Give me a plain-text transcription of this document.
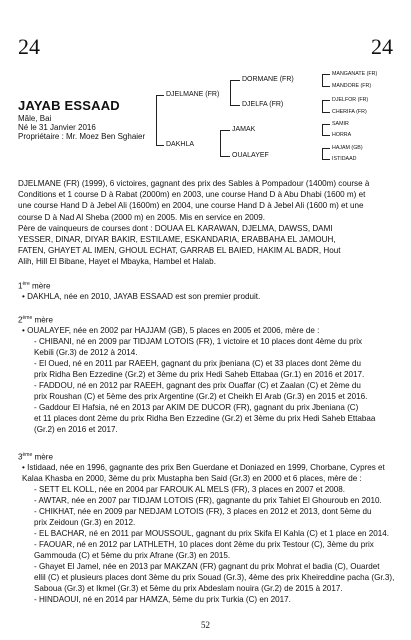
24	24
JAYAB ESSAAD
Mâle, Bai
Né le 31 Janvier 2016
Propriétaire : Mr. Moez Ben Sghaier
DJELMANE (FR)
DAKHLA
DORMANE (FR)
DJELFA (FR)
JAMAK
OUALAYEF
MANGANATE (FR)
MANDORE (FR)
DJELFOR (FR)
CHERIFA (FR)
SAMIR
HORRA
HAJAM (GB)
ISTIDAAD
DJELMANE (FR) (1999), 6 victoires, gagnant des prix des Sables à Pompadour (1400m) course à
Conditions et 1 course D à Rabat (2000m) en 2003, une course Hand D à Abu Dhabi (1600 m) et
une course Hand D à Jebel Ali (1600m) en 2004, une course Hand D à Jebel Ali (1600 m) et une
course D à Nad Al Sheba (2000 m) en 2005. Mis en service en 2009.
Père de vainqueurs de courses dont : DOUAA EL KARAWAN, DJELMA, DAWSS, DAMI
YESSER, DINAR, DIYAR BAKIR, ESTILAME, ESKANDARIA, ERABBAHA EL JAMOUH,
FATEN, GHAYET AL IMEN, GHOUL ECHAT, GARRAB EL BAIED, HAKIM AL BADR, Hout
Alih, Hill El Bibane, Hayet el Mbayka, Hambel et Halab.
1ère mère
• DAKHLA, née en 2010, JAYAB ESSAAD est son premier produit.
2ème mère
• OUALAYEF, née en 2002 par HAJJAM (GB), 5 places en 2005 et 2006, mère de :
- CHIBANI, né en 2009 par TIDJAM LOTOIS (FR), 1 victoire et 10 places dont 4ème du prix
Kebili (Gr.3) de 2012 à 2014.
- El Oued, né en 2011 par RAEEH, gagnant du prix jbeniana (C) et 33 places dont 2ème du
prix Ridha Ben Ezzedine (Gr.2) et 3ème du prix Hedi Saheb Ettabaa (Gr.1) en 2016 et 2017.
- FADDOU, né en 2012 par RAEEH, gagnant des prix Ouaffar (C) et Zaalan (C) et 2ème du
prix Roushan (C) et 5ème des prix Argentine (Gr.2) et Cheikh El Arab (Gr.3) en 2015 et 2016.
- Gaddour El Hafsia, né en 2013 par AKIM DE DUCOR (FR), gagnant du prix Jbeniana (C)
et 11 places dont 2ème du prix Ridha Ben Ezzedine (Gr.2) et 3ème du prix Hedi Saheb Ettabaa
(Gr.2) en 2016 et 2017.
3ème mère
• Istidaad, née en 1996, gagnante des prix Ben Guerdane et Doniazed en 1999, Chorbane, Cypres et
Kalaa Khasba en 2000, 3ème du prix Mustapha ben Said (Gr.3) en 2000 et 6 places, mère de :
- SETT EL KOLL, née en 2004 par FAROUK AL MELS (FR), 3 places en 2007 et 2008.
- AWTAR, née en 2007 par TIDJAM LOTOIS (FR), gagnante du prix Tahiet El Ghouroub en 2010.
- CHIKHAT, née en 2009 par NEDJAM LOTOIS (FR), 3 places en 2012 et 2013, dont 5ème du
prix Zeidoun (Gr.3) en 2012.
- EL BACHAR, né en 2011 par MOUSSOUL, gagnant du prix Skifa El Kahla (C) et 1 place en 2014.
- FAOUAR, né en 2012 par LATHLETH, 10 places dont 2ème du prix Testour (C), 3ème du prix
Gammouda (C) et 5ème du prix Afrane (Gr.3) en 2015.
- Ghayet El Jamel, née en 2013 par MAKZAN (FR) gagnant du prix Mohrat el badia (C), Ouardet
ellil (C) et plusieurs places dont 3ème du prix Souad (Gr.3), 4ème des prix Kheireddine pacha (Gr.3),
Saboua (Gr.3) et Ikmel (Gr.3) et 5ème du prix Abdeslam nouira (Gr.2) de 2015 à 2017.
- HINDAOUI, né en 2014 par HAMZA, 5ème du prix Turkia (C) en 2017.
52
